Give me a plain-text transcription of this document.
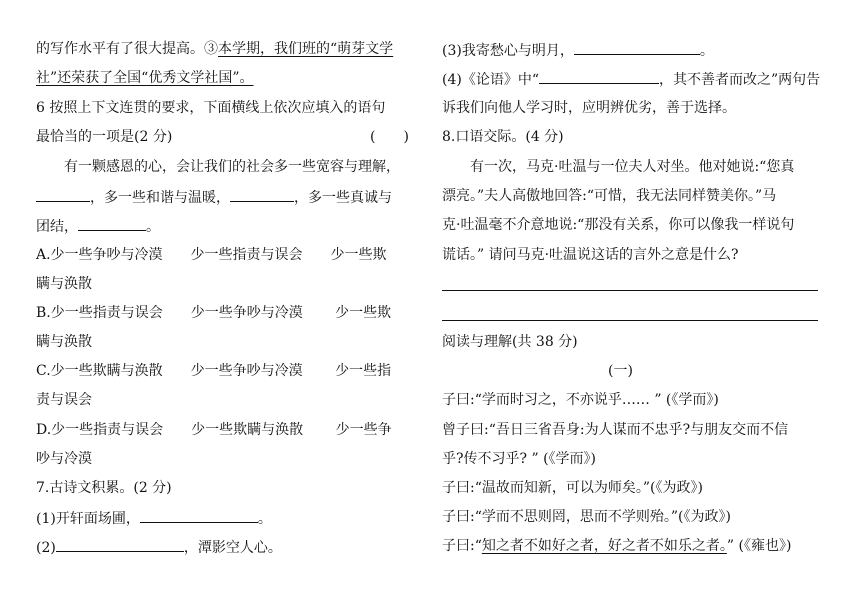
的写作水平有了很大提高。③本学期，我们班的“萌芽文学
社”还荣获了全国“优秀文学社国”。
6 按照上下文连贯的要求，下面横线上依次应填入的语句
最恰当的一项是(2 分)	(　　)
有一颗感恩的心，会让我们的社会多一些宽容与理解，
，多一些和谐与温暖，	，多一些真诚与
团结，	。
A.少一些争吵与冷漠　　少一些指责与误会　　少一些欺
瞒与涣散
B.少一些指责与误会　　少一些争吵与冷漠　　 少一些欺
瞒与涣散
C.少一些欺瞒与涣散　　少一些争吵与冷漠　　 少一些指
责与误会
D.少一些指责与误会　　少一些欺瞒与涣散　　 少一些争
吵与冷漠
7.古诗文积累。(2 分)
(1)开轩面场圃，	。
(2)	，潭影空人心。
(3)我寄愁心与明月，	。
(4)《论语》中“	，其不善者而改之”两句告
诉我们向他人学习时，应明辨优劣，善于选择。
8.口语交际。(4 分)
有一次，马克·吐温与一位夫人对坐。他对她说:“您真
漂亮。”夫人高傲地回答:“可惜，我无法同样赞美你。”马
克·吐温毫不介意地说:“那没有关系，你可以像我一样说句
谎话。” 请问马克·吐温说这话的言外之意是什么?
阅读与理解(共 38 分)
(一)
子曰:“学而时习之，不亦说乎…… ” (《学而》)
曾子曰:“吾日三省吾身:为人谋而不忠乎?与朋友交而不信
乎?传不习乎? ” (《学而》)
子曰:“温故而知新，可以为师矣。”(《为政》)
子曰:“学而不思则罔，思而不学则殆。”(《为政》)
子曰:“知之者不如好之者，好之者不如乐之者。” (《雍也》)
